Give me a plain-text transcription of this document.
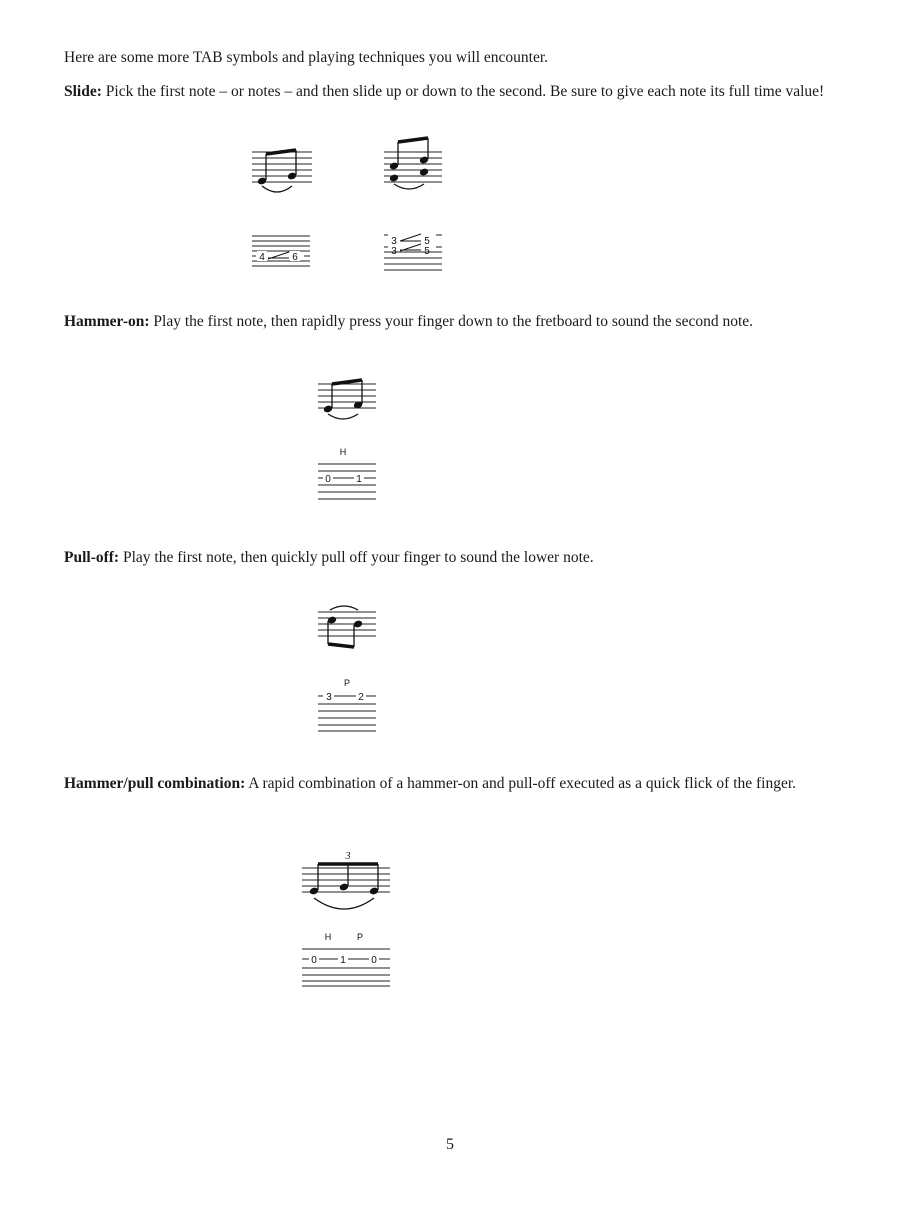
Here are some more TAB symbols and playing techniques you will encounter.

Slide: Pick the first note – or notes – and then slide up or down to the second. Be sure to give each note its full time value!

4	6
3	5
3	5

Hammer-on: Play the first note, then rapidly press your finger down to the fretboard to sound the second note.

H
0	1

Pull-off: Play the first note, then quickly pull off your finger to sound the lower note.

P
3	2

Hammer/pull combination: A rapid combination of a hammer-on and pull-off executed as a quick flick of the finger.

3
H	P
0 1	0
5
